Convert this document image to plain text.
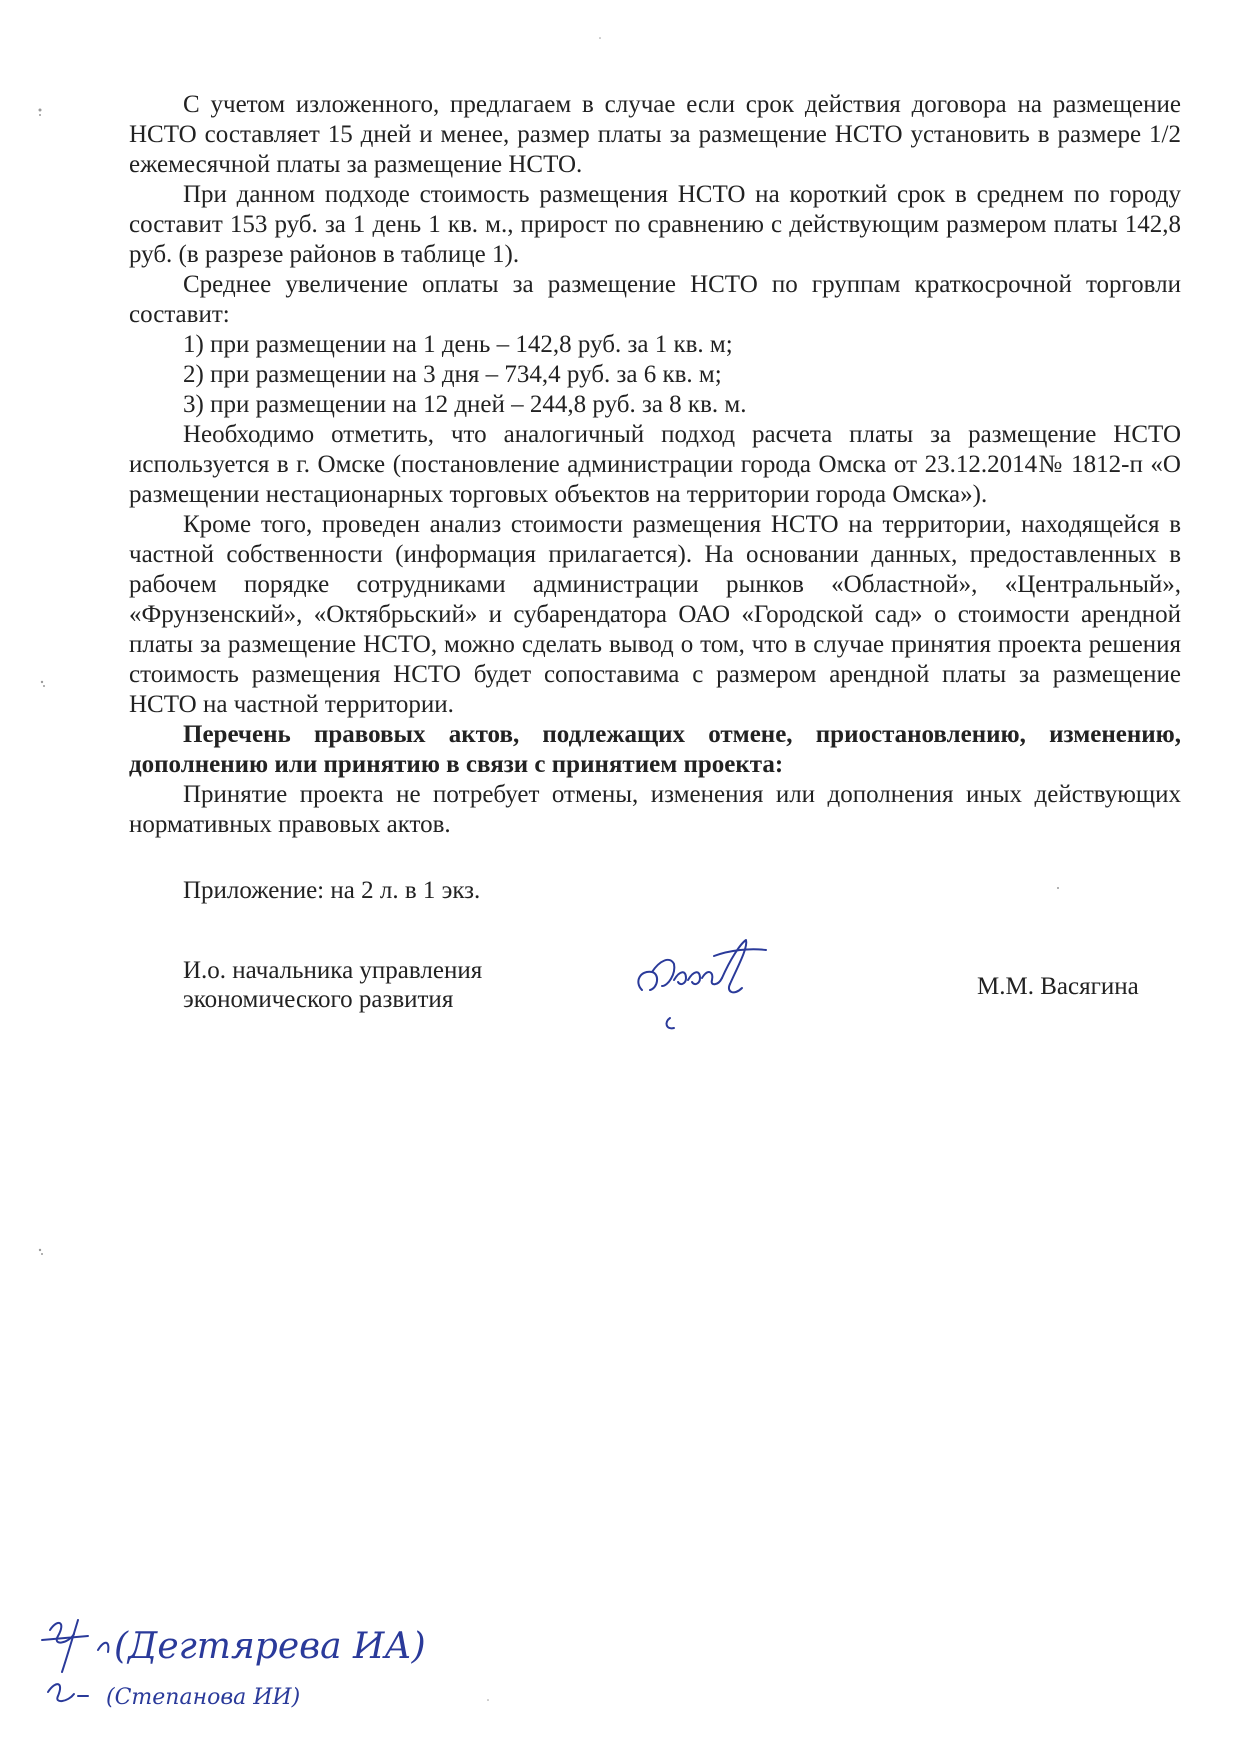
С учетом изложенного, предлагаем в случае если срок действия договора на размещение НСТО составляет 15 дней и менее, размер платы за размещение НСТО установить в размере 1/2 ежемесячной платы за размещение НСТО.

При данном подходе стоимость размещения НСТО на короткий срок в среднем по городу составит 153 руб. за 1 день 1 кв. м., прирост по сравнению с действующим размером платы 142,8 руб. (в разрезе районов в таблице 1).

Среднее увеличение оплаты за размещение НСТО по группам краткосрочной торговли составит:

1) при размещении на 1 день – 142,8 руб. за 1 кв. м;

2) при размещении на 3 дня – 734,4 руб. за 6 кв. м;

3) при размещении на 12 дней – 244,8 руб. за 8 кв. м.

Необходимо отметить, что аналогичный подход расчета платы за размещение НСТО используется в г. Омске (постановление администрации города Омска от 23.12.2014№ 1812-п «О размещении нестационарных торговых объектов на территории города Омска»).

Кроме того, проведен анализ стоимости размещения НСТО на территории, находящейся в частной собственности (информация прилагается). На основании данных, предоставленных в рабочем порядке сотрудниками администрации рынков «Областной», «Центральный», «Фрунзенский», «Октябрьский» и субарендатора ОАО «Городской сад» о стоимости арендной платы за размещение НСТО, можно сделать вывод о том, что в случае принятия проекта решения стоимость размещения НСТО будет сопоставима с размером арендной платы за размещение НСТО на частной территории.

Перечень правовых актов, подлежащих отмене, приостановлению, изменению, дополнению или принятию в связи с принятием проекта:

Принятие проекта не потребует отмены, изменения или дополнения иных действующих нормативных правовых актов.

Приложение: на 2 л. в 1 экз.

И.о. начальника управления
экономического развития	М.М. Васягина
(Дегтярева ИА)
(Степанова ИИ)
